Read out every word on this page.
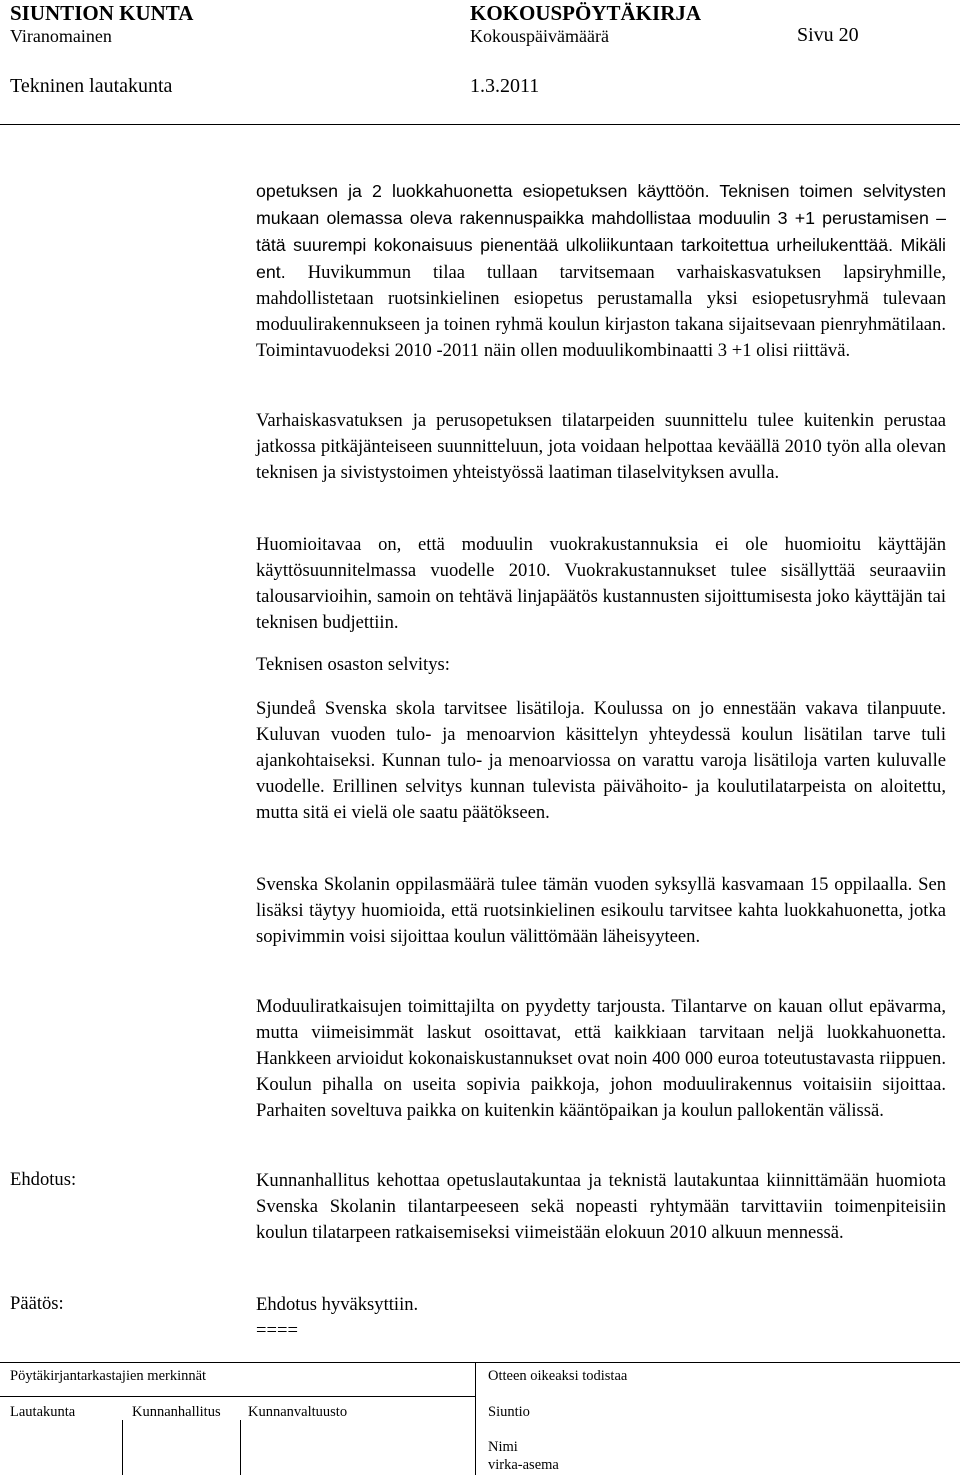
SIUNTION KUNTA	KOKOUSPÖYTÄKIRJA
Viranomainen	Kokouspäivämäärä	Sivu 20
Tekninen lautakunta	1.3.2011

opetuksen ja 2 luokkahuonetta esiopetuksen käyttöön. Teknisen toimen selvitysten mukaan olemassa oleva rakennuspaikka mahdollistaa moduulin 3 +1 perustamisen – tätä suurempi kokonaisuus pienentää ulkoliikuntaan tarkoitettua urheilukenttää. Mikäli ent. Huvikummun tilaa tullaan tarvitsemaan varhaiskasvatuksen lapsiryhmille, mahdollistetaan ruotsinkielinen esiopetus perustamalla yksi esiopetusryhmä tulevaan moduulirakennukseen ja toinen ryhmä koulun kirjaston takana sijaitsevaan pienryhmätilaan. Toimintavuodeksi 2010 -2011 näin ollen moduulikombinaatti 3 +1 olisi riittävä.

Varhaiskasvatuksen ja perusopetuksen tilatarpeiden suunnittelu tulee kuitenkin perustaa jatkossa pitkäjänteiseen suunnitteluun, jota voidaan helpottaa keväällä 2010 työn alla olevan teknisen ja sivistystoimen yhteistyössä laatiman tilaselvityksen avulla.

Huomioitavaa on, että moduulin vuokrakustannuksia ei ole huomioitu käyttäjän käyttösuunnitelmassa vuodelle 2010. Vuokrakustannukset tulee sisällyttää seuraaviin talousarvioihin, samoin on tehtävä linjapäätös kustannusten sijoittumisesta joko käyttäjän tai teknisen budjettiin.

Teknisen osaston selvitys:

Sjundeå Svenska skola tarvitsee lisätiloja. Koulussa on jo ennestään vakava tilanpuute. Kuluvan vuoden tulo- ja menoarvion käsittelyn yhteydessä koulun lisätilan tarve tuli ajankohtaiseksi. Kunnan tulo- ja menoarviossa on varattu varoja lisätiloja varten kuluvalle vuodelle. Erillinen selvitys kunnan tulevista päivähoito- ja koulutilatarpeista on aloitettu, mutta sitä ei vielä ole saatu päätökseen.

Svenska Skolanin oppilasmäärä tulee tämän vuoden syksyllä kasvamaan 15 oppilaalla. Sen lisäksi täytyy huomioida, että ruotsinkielinen esikoulu tarvitsee kahta luokkahuonetta, jotka sopivimmin voisi sijoittaa koulun välittömään läheisyyteen.

Moduuliratkaisujen toimittajilta on pyydetty tarjousta. Tilantarve on kauan ollut epävarma, mutta viimeisimmät laskut osoittavat, että kaikkiaan tarvitaan neljä luokkahuonetta. Hankkeen arvioidut kokonaiskustannukset ovat noin 400 000 euroa toteutustavasta riippuen. Koulun pihalla on useita sopivia paikkoja, johon moduulirakennus voitaisiin sijoittaa. Parhaiten soveltuva paikka on kuitenkin kääntöpaikan ja koulun pallokentän välissä.

Ehdotus:	Kunnanhallitus kehottaa opetuslautakuntaa ja teknistä lautakuntaa kiinnittämään huomiota Svenska Skolanin tilantarpeeseen sekä nopeasti ryhtymään tarvittaviin toimenpiteisiin koulun tilatarpeen ratkaisemiseksi viimeistään elokuun 2010 alkuun mennessä.

Päätös:	Ehdotus hyväksyttiin.

====

Pöytäkirjantarkastajien merkinnät	Otteen oikeaksi todistaa
Lautakunta	Kunnanhallitus Kunnanvaltuusto	Siuntio
Nimi
virka-asema
